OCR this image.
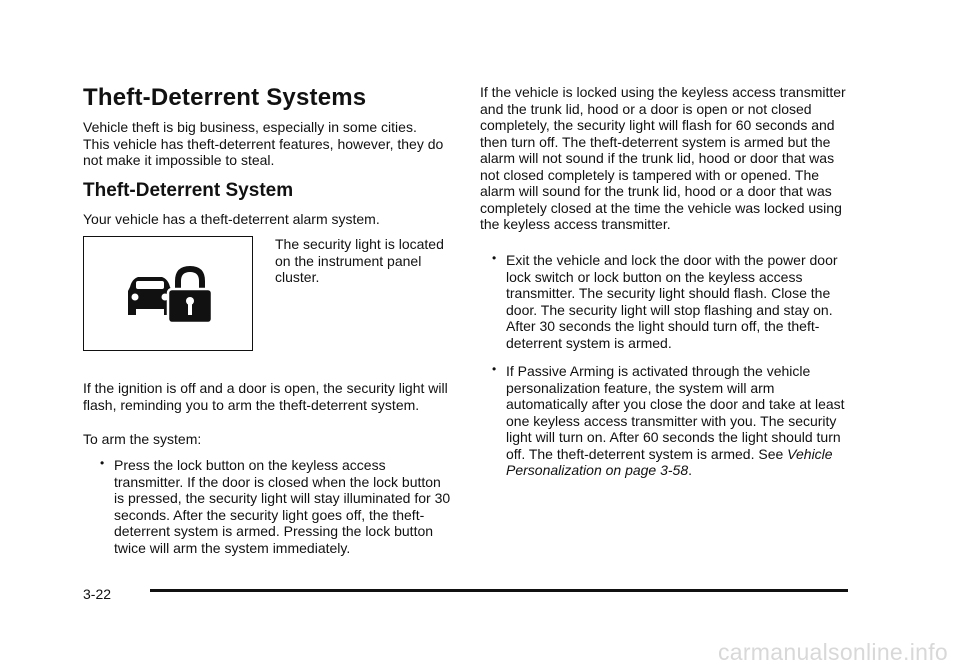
Theft-Deterrent Systems

Vehicle theft is big business, especially in some cities. This vehicle has theft-deterrent features, however, they do not make it impossible to steal.

Theft-Deterrent System

Your vehicle has a theft-deterrent alarm system.

The security light is located on the instrument panel cluster.

If the ignition is off and a door is open, the security light will flash, reminding you to arm the theft-deterrent system.

To arm the system:

• Press the lock button on the keyless access transmitter. If the door is closed when the lock button is pressed, the security light will stay illuminated for 30 seconds. After the security light goes off, the theft-deterrent system is armed. Pressing the lock button twice will arm the system immediately.

If the vehicle is locked using the keyless access transmitter and the trunk lid, hood or a door is open or not closed completely, the security light will flash for 60 seconds and then turn off. The theft-deterrent system is armed but the alarm will not sound if the trunk lid, hood or door that was not closed completely is tampered with or opened. The alarm will sound for the trunk lid, hood or a door that was completely closed at the time the vehicle was locked using the keyless access transmitter.

• Exit the vehicle and lock the door with the power door lock switch or lock button on the keyless access transmitter. The security light should flash. Close the door. The security light will stop flashing and stay on. After 30 seconds the light should turn off, the theft-deterrent system is armed.
• If Passive Arming is activated through the vehicle personalization feature, the system will arm automatically after you close the door and take at least one keyless access transmitter with you. The security light will turn on. After 60 seconds the light should turn off. The theft-deterrent system is armed. See Vehicle Personalization on page 3-58.
3-22
carmanualsonline.info
